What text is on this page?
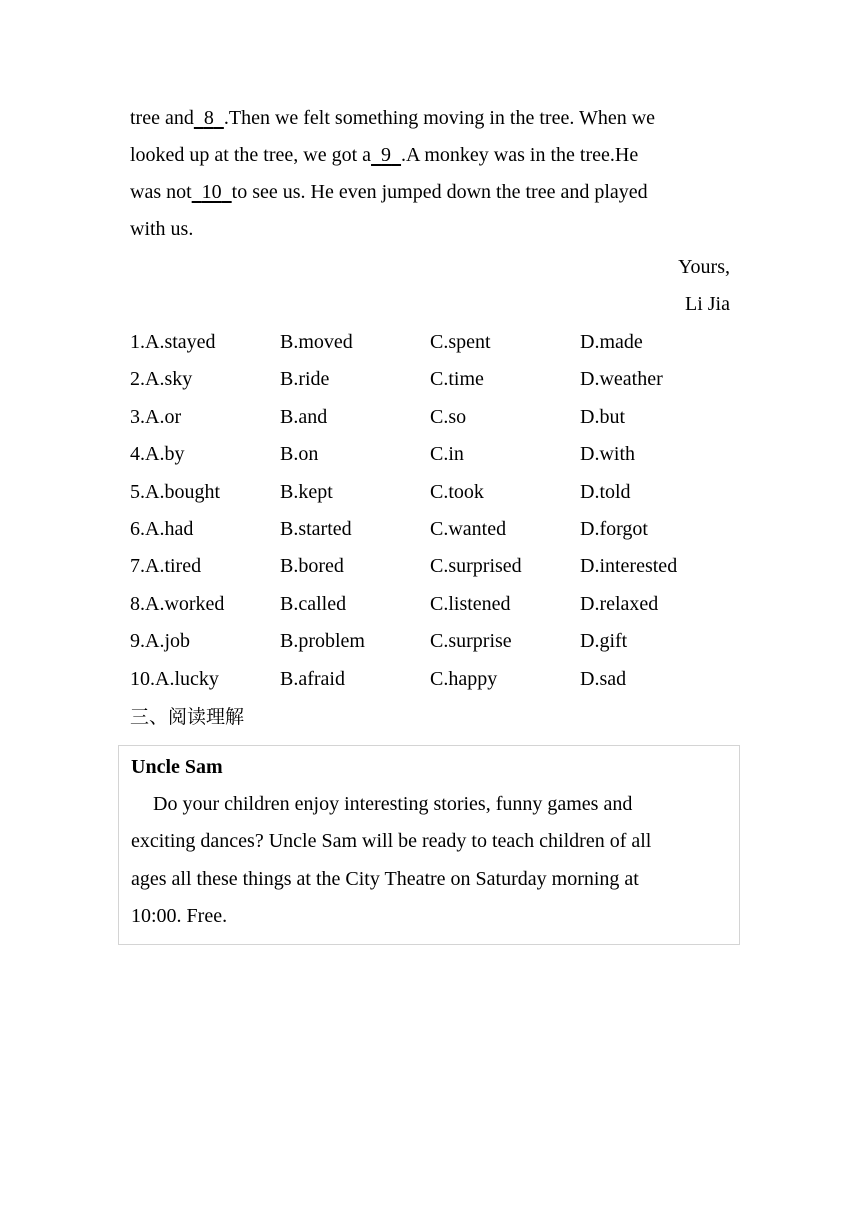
tree and 8 .Then we felt something moving in the tree. When we
looked up at the tree, we got a 9 .A monkey was in the tree.He
was not 10 to see us. He even jumped down the tree and played
with us.
Yours,
Li Jia
1.A.stayed	B.moved	C.spent	D.made
2.A.sky	B.ride	C.time	D.weather
3.A.or	B.and	C.so	D.but
4.A.by	B.on	C.in	D.with
5.A.bought	B.kept	C.took	D.told
6.A.had	B.started	C.wanted	D.forgot
7.A.tired	B.bored	C.surprised	D.interested
8.A.worked	B.called	C.listened	D.relaxed
9.A.job	B.problem	C.surprise	D.gift
10.A.lucky	B.afraid	C.happy	D.sad
三、阅读理解
Uncle Sam
Do your children enjoy interesting stories, funny games and
exciting dances? Uncle Sam will be ready to teach children of all
ages all these things at the City Theatre on Saturday morning at
10:00. Free.
